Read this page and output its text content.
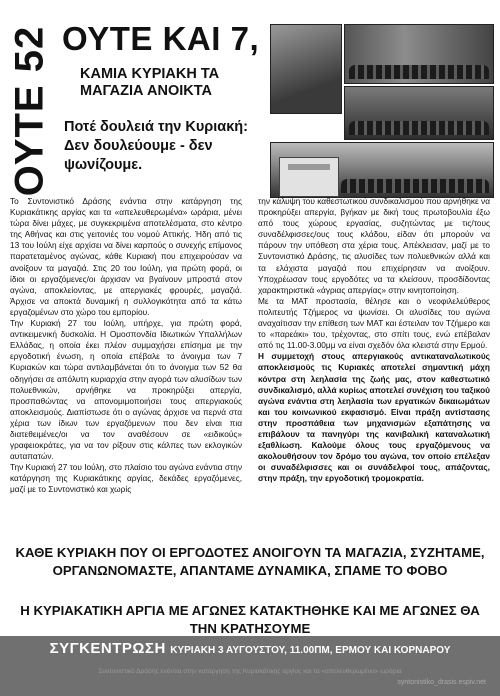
ΟΥΤΕ 52 ΟΥΤΕ ΚΑΙ 7,
ΚΑΜΙΑ ΚΥΡΙΑΚΗ ΤΑ ΜΑΓΑΖΙΑ ΑΝΟΙΚΤΑ
Ποτέ δουλειά την Κυριακή:
Δεν δουλεύουμε - δεν ψωνίζουμε.

Το Συντονιστικό Δράσης ενάντια στην κατάργηση της Κυριακάτικης αργίας και τα «απελευθερωμένα» ωράρια, μένει τώρα δίνει μάχες, με συγκεκριμένα αποτελέσματα, στο κέντρο της Αθήνας και στις γειτονιές του νομού Αττικής. Ήδη από τις 13 του Ιούλη είχε αρχίσει να δίνει καρπούς ο συνεχής επίμονος παρατεταμένος αγώνας, κάθε Κυριακή που επιχειρούσαν να ανοίξουν τα μαγαζιά. Στις 20 του Ιούλη, για πρώτη φορά, οι ίδιοι οι εργαζόμενες/οι άρχισαν να βγαίνουν μπροστά στον αγώνα, αποκλείοντας, με απεργιακές φρουρές, μαγαζιά. Άρχισε να αποκτά δυναμική η συλλογικότητα από τα κάτω εργαζομένων στο χώρο του εμπορίου.

Την Κυριακή 27 του Ιούλη, υπήρχε, για πρώτη φορά, αντικειμενική δυσκολία. Η Ομοσπονδία Ιδιωτικών Υπαλλήλων Ελλάδας, η οποία έκει πλέον συμμαχήσει επίσημα με την εργοδοτική ένωση, η οποία επέβαλε το άνοιγμα των 7 Κυριακών και τώρα αντιλαμβάνεται ότι το άνοιγμα των 52 θα οδηγήσει σε απόλυτη κυριαρχία στην αγορά των αλυσίδων των πολυεθνικών, αρνήθηκε να προκηρύξει απεργία, προσπαθώντας να απονομιμοποιήσει τους απεργιακούς αποκλεισμούς. Διαπίστωσε ότι ο αγώνας άρχισε να περνά στα χέρια των ίδιων των εργαζόμενων που δεν είναι πια διατεθειμένες/οι να τον αναθέσουν σε «ειδικούς» γραφειοκράτες, για να τον ρίξουν στις κάλπες των εκλογικών αυταπατών.

Την Κυριακή 27 του Ιούλη, στο πλαίσιο του αγώνα ενάντια στην κατάργηση της Κυριακάτικης αργίας, δεκάδες εργαζόμενες, μαζί με το Συντονιστικό και χωρίς

την κάλυψη του καθεστωτικού συνδικαλισμού που αρνήθηκε να προκηρύξει απεργία, βγήκαν με δική τους πρωτοβουλία έξω από τους χώρους εργασίας, συζητώντας με τις/τους συναδέλφισσες/ους τους κλάδου, είδαν ότι μπορούν να πάρουν την υπόθεση στα χέρια τους. Απέκλεισαν, μαζί με το Συντονιστικό Δράσης, τις αλυσίδες των πολυεθνικών αλλά και τα ελάχιστα μαγαζιά που επιχείρησαν να ανοίξουν. Υποχρέωσαν τους εργοδότες να τα κλείσουν, προσδίδοντας χαρακτηριστικά «άγριας απεργίας» στην κινητοποίηση.

Με τα ΜΑΤ προστασία, θέλησε και ο νεοφιλελεύθερος πολιτευτής Τζήμερος να ψωνίσει. Οι αλυσίδες του αγώνα αναχαίτισαν την επίθεση των ΜΑΤ και έστειλαν τον Τζήμερο και το «παρεάκι» του, τρέχοντας, στο σπίτι τους, ενώ επέβαλαν από τις 11.00-3.00μμ να είναι σχεδόν όλα κλειστά στην Ερμού.

Η συμμετοχή στους απεργιακούς αντικαταναλωτικούς αποκλεισμούς τις Κυριακές αποτελεί σημαντική μάχη κόντρα στη λεηλασία της ζωής μας, στον καθεστωτικό συνδικαλισμό, αλλά κυρίως αποτελεί συνέχιση του ταξικού αγώνα ενάντια στη λεηλασία των εργατικών δικαιωμάτων και του κοινωνικού εκφασισμό. Είναι πράξη αντίστασης στην προσπάθεια των μηχανισμών εξαπάτησης να επιβάλουν τα πανηγύρι της κανιβαλική καταναλωτική εξαθλίωση. Καλούμε όλους τους εργαζόμενους να ακολουθήσουν τον δρόμο του αγώνα, τον οποίο επέλεξαν οι συναδέλφισσες και οι συνάδελφοί τους, απάζοντας, στην πράξη, την εργοδοτική τρομοκρατία.

ΚΑΘΕ ΚΥΡΙΑΚΗ ΠΟΥ ΟΙ ΕΡΓΟΔΟΤΕΣ ΑΝΟΙΓΟΥΝ ΤΑ ΜΑΓΑΖΙΑ, ΣΥΖΗΤΑΜΕ, ΟΡΓΑΝΩΝΟΜΑΣΤΕ, ΑΠΑΝΤΑΜΕ ΔΥΝΑΜΙΚΑ, ΣΠΑΜΕ ΤΟ ΦΟΒΟ
Η ΚΥΡΙΑΚΑΤΙΚΗ ΑΡΓΙΑ ΜΕ ΑΓΩΝΕΣ ΚΑΤΑΚΤΗΘΗΚΕ ΚΑΙ ΜΕ ΑΓΩΝΕΣ ΘΑ ΤΗΝ ΚΡΑΤΗΣΟΥΜΕ
ΣΥΓΚΕΝΤΡΩΣΗ ΚΥΡΙΑΚΗ 3 ΑΥΓΟΥΣΤΟΥ, 11.00ΠΜ, ΕΡΜΟΥ ΚΑΙ ΚΟΡΝΑΡΟΥ
Συντονιστικό Δράσης ενάντια στην κατάργηση της Κυριακάτικης αργίας και τα «απελευθερωμένα» ωράρια
syntonistiko_drasis.espiv.net
